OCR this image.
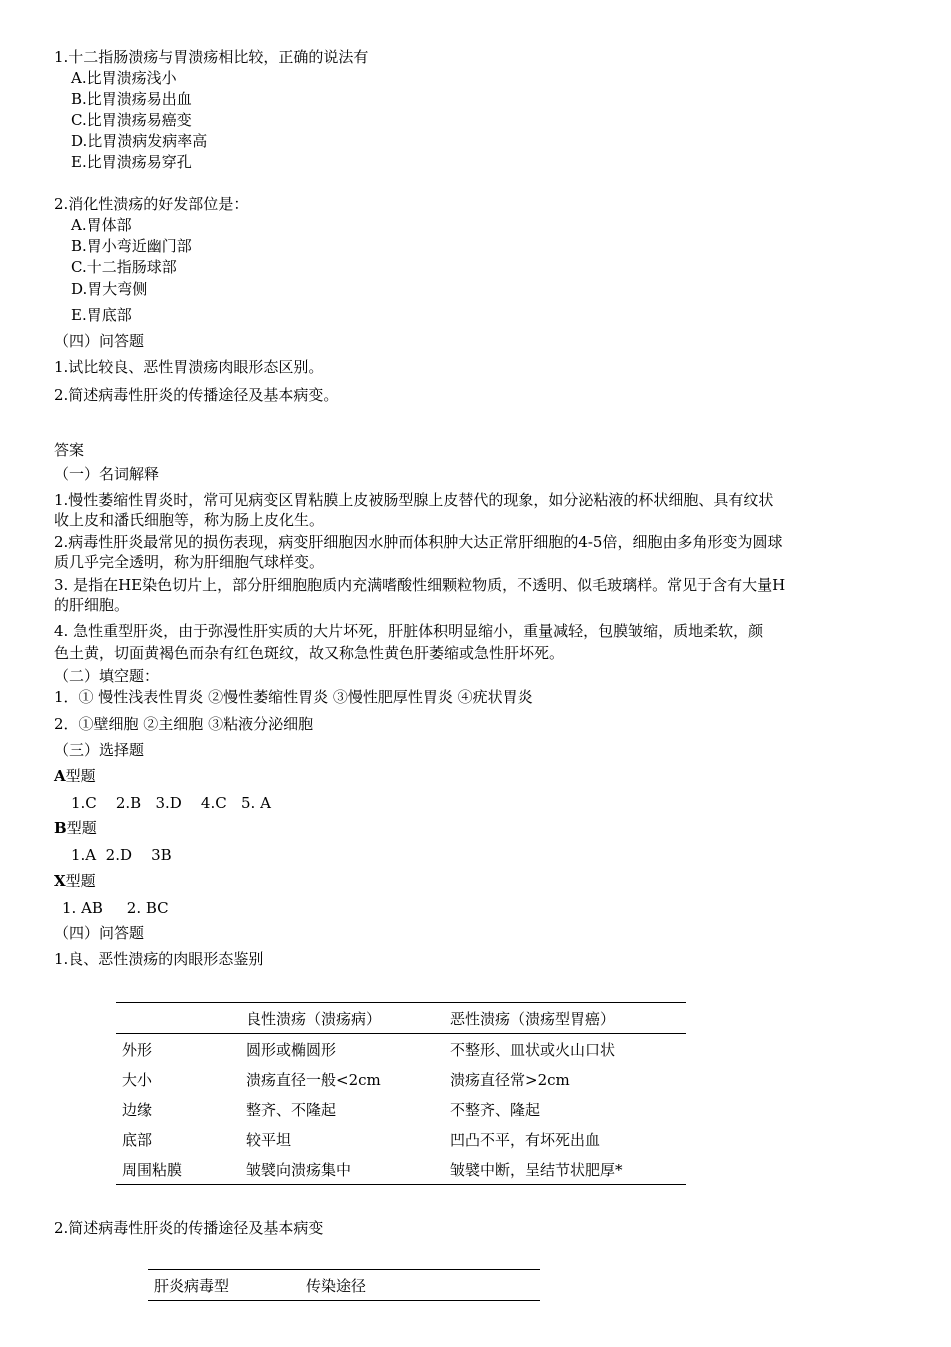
1.十二指肠溃疡与胃溃疡相比较，正确的说法有
A.比胃溃疡浅小
B.比胃溃疡易出血
C.比胃溃疡易癌变
D.比胃溃病发病率高
E.比胃溃疡易穿孔
2.消化性溃疡的好发部位是：
A.胃体部
B.胃小弯近幽门部
C.十二指肠球部
D.胃大弯侧
E.胃底部
（四）问答题
1.试比较良、恶性胃溃疡肉眼形态区别。
2.简述病毒性肝炎的传播途径及基本病变。
答案
（一）名词解释
1.慢性萎缩性胃炎时，常可见病变区胃粘膜上皮被肠型腺上皮替代的现象，如分泌粘液的杯状细胞、具有纹状
收上皮和潘氏细胞等，称为肠上皮化生。
2.病毒性肝炎最常见的损伤表现，病变肝细胞因水肿而体积肿大达正常肝细胞的4-5倍，细胞由多角形变为圆球
质几乎完全透明，称为肝细胞气球样变。
3. 是指在HE染色切片上，部分肝细胞胞质内充满嗜酸性细颗粒物质，不透明、似毛玻璃样。常见于含有大量H
的肝细胞。
4. 急性重型肝炎，由于弥漫性肝实质的大片坏死，肝脏体积明显缩小，重量减轻，包膜皱缩，质地柔软，颜
色土黄，切面黄褐色而杂有红色斑纹，故又称急性黄色肝萎缩或急性肝坏死。
（二）填空题：
1．① 慢性浅表性胃炎 ②慢性萎缩性胃炎 ③慢性肥厚性胃炎 ④疣状胃炎
2．①壁细胞 ②主细胞 ③粘液分泌细胞
（三）选择题
A型题
1.C    2.B   3.D    4.C   5. A
B型题
1.A  2.D    3B
X型题
1. AB     2. BC
（四）问答题
1.良、恶性溃疡的肉眼形态鉴别
	良性溃疡（溃疡病）	恶性溃疡（溃疡型胃癌）
外形	圆形或椭圆形	不整形、皿状或火山口状
大小	溃疡直径一般<2cm	溃疡直径常>2cm
边缘	整齐、不隆起	不整齐、隆起
底部	较平坦	凹凸不平，有坏死出血
周围粘膜	皱襞向溃疡集中	皱襞中断，呈结节状肥厚*
2.简述病毒性肝炎的传播途径及基本病变
肝炎病毒型	传染途径
